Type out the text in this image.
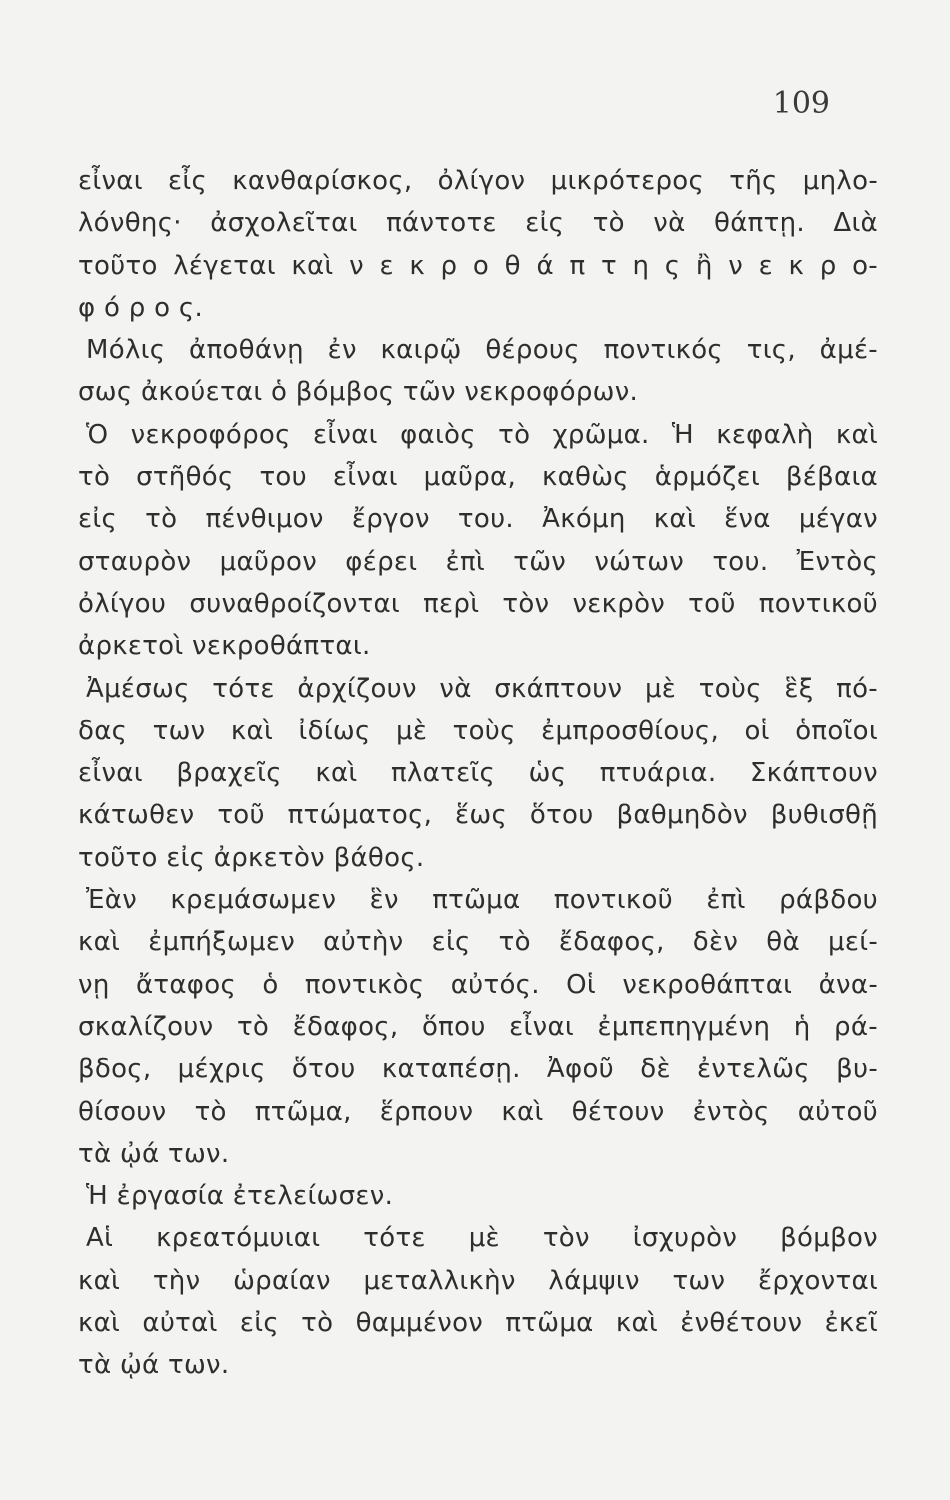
109

εἶναι εἶς κανθαρίσκος, ὀλίγον μικρότερος τῆς μηλο-
λόνθης· ἀσχολεῖται πάντοτε εἰς τὸ νὰ θάπτῃ. Διὰ
τοῦτο λέγεται καὶ ν ε κ ρ ο θ ά π τ η ς ἢ ν ε κ ρ ο-
φ ό ρ ο ς.

Μόλις ἀποθάνῃ ἐν καιρῷ θέρους ποντικός τις, ἀμέ-
σως ἀκούεται ὁ βόμβος τῶν νεκροφόρων.

Ὁ νεκροφόρος εἶναι φαιὸς τὸ χρῶμα. Ἡ κεφαλὴ καὶ
τὸ στῆθός του εἶναι μαῦρα, καθὼς ἁρμόζει βέβαια
εἰς τὸ πένθιμον ἔργον του. Ἀκόμη καὶ ἕνα μέγαν
σταυρὸν μαῦρον φέρει ἐπὶ τῶν νώτων του. Ἐντὸς
ὀλίγου συναθροίζονται περὶ τὸν νεκρὸν τοῦ ποντικοῦ
ἀρκετοὶ νεκροθάπται.

Ἀμέσως τότε ἀρχίζουν νὰ σκάπτουν μὲ τοὺς ἓξ πό-
δας των καὶ ἰδίως μὲ τοὺς ἐμπροσθίους, οἱ ὁποῖοι
εἶναι βραχεῖς καὶ πλατεῖς ὡς πτυάρια. Σκάπτουν
κάτωθεν τοῦ πτώματος, ἕως ὅτου βαθμηδὸν βυθισθῇ
τοῦτο εἰς ἀρκετὸν βάθος.

Ἐὰν κρεμάσωμεν ἓν πτῶμα ποντικοῦ ἐπὶ ράβδου
καὶ ἐμπήξωμεν αὐτὴν εἰς τὸ ἔδαφος, δὲν θὰ μεί-
νῃ ἄταφος ὁ ποντικὸς αὐτός. Οἱ νεκροθάπται ἀνα-
σκαλίζουν τὸ ἔδαφος, ὅπου εἶναι ἐμπεπηγμένη ἡ ρά-
βδος, μέχρις ὅτου καταπέσῃ. Ἀφοῦ δὲ ἐντελῶς βυ-
θίσουν τὸ πτῶμα, ἕρπουν καὶ θέτουν ἐντὸς αὐτοῦ
τὰ ᾠά των.

Ἡ ἐργασία ἐτελείωσεν.

Αἱ κρεατόμυιαι τότε μὲ τὸν ἰσχυρὸν βόμβον
καὶ τὴν ὡραίαν μεταλλικὴν λάμψιν των ἔρχονται
καὶ αὐταὶ εἰς τὸ θαμμένον πτῶμα καὶ ἐνθέτουν ἐκεῖ
τὰ ᾠά των.
